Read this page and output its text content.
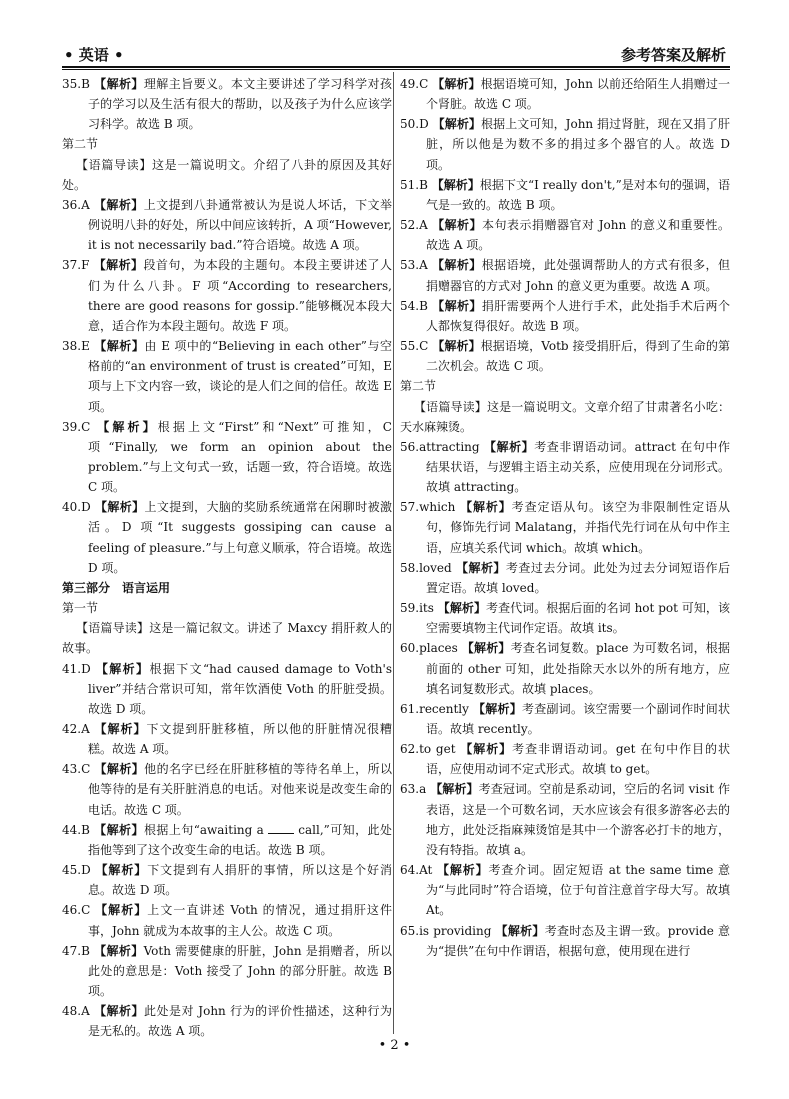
• 英语 •	参考答案及解析
35.B 【解析】理解主旨要义。本文主要讲述了学习科学对孩子的学习以及生活有很大的帮助，以及孩子为什么应该学习科学。故选 B 项。
第二节
【语篇导读】这是一篇说明文。介绍了八卦的原因及其好处。
36.A 【解析】上文提到八卦通常被认为是说人坏话，下文举例说明八卦的好处，所以中间应该转折，A 项“However, it is not necessarily bad.”符合语境。故选 A 项。
37.F 【解析】段首句，为本段的主题句。本段主要讲述了人们为什么八卦。F 项“According to researchers, there are good reasons for gossip.”能够概况本段大意，适合作为本段主题句。故选 F 项。
38.E 【解析】由 E 项中的“Believing in each other”与空格前的“an environment of trust is created”可知，E 项与上下文内容一致，谈论的是人们之间的信任。故选 E 项。
39.C 【解析】根据上文“First”和“Next”可推知，C 项“Finally, we form an opinion about the problem.”与上文句式一致，话题一致，符合语境。故选 C 项。
40.D 【解析】上文提到，大脑的奖励系统通常在闲聊时被激活。D 项“It suggests gossiping can cause a feeling of pleasure.”与上句意义顺承，符合语境。故选 D 项。
第三部分　语言运用
第一节
【语篇导读】这是一篇记叙文。讲述了 Maxcy 捐肝救人的故事。
41.D 【解析】根据下文“had caused damage to Voth's liver”并结合常识可知，常年饮酒使 Voth 的肝脏受损。故选 D 项。
42.A 【解析】下文提到肝脏移植，所以他的肝脏情况很糟糕。故选 A 项。
43.C 【解析】他的名字已经在肝脏移植的等待名单上，所以他等待的是有关肝脏消息的电话。对他来说是改变生命的电话。故选 C 项。
44.B 【解析】根据上句“awaiting a	call,”可知，此处指他等到了这个改变生命的电话。故选 B 项。
45.D 【解析】下文提到有人捐肝的事情，所以这是个好消息。故选 D 项。
46.C 【解析】上文一直讲述 Voth 的情况，通过捐肝这件事，John 就成为本故事的主人公。故选 C 项。
47.B 【解析】Voth 需要健康的肝脏，John 是捐赠者，所以此处的意思是：Voth 接受了 John 的部分肝脏。故选 B 项。
48.A 【解析】此处是对 John 行为的评价性描述，这种行为是无私的。故选 A 项。
49.C 【解析】根据语境可知，John 以前还给陌生人捐赠过一个肾脏。故选 C 项。
50.D 【解析】根据上文可知，John 捐过肾脏，现在又捐了肝脏，所以他是为数不多的捐过多个器官的人。故选 D 项。
51.B 【解析】根据下文“I really don't,”是对本句的强调，语气是一致的。故选 B 项。
52.A 【解析】本句表示捐赠器官对 John 的意义和重要性。故选 A 项。
53.A 【解析】根据语境，此处强调帮助人的方式有很多，但捐赠器官的方式对 John 的意义更为重要。故选 A 项。
54.B 【解析】捐肝需要两个人进行手术，此处指手术后两个人都恢复得很好。故选 B 项。
55.C 【解析】根据语境，Votb 接受捐肝后，得到了生命的第二次机会。故选 C 项。
第二节
【语篇导读】这是一篇说明文。文章介绍了甘肃著名小吃：天水麻辣烫。
56.attracting 【解析】考查非谓语动词。attract 在句中作结果状语，与逻辑主语主动关系，应使用现在分词形式。故填 attracting。
57.which 【解析】考查定语从句。该空为非限制性定语从句，修饰先行词 Malatang，并指代先行词在从句中作主语，应填关系代词 which。故填 which。
58.loved 【解析】考查过去分词。此处为过去分词短语作后置定语。故填 loved。
59.its 【解析】考查代词。根据后面的名词 hot pot 可知，该空需要填物主代词作定语。故填 its。
60.places 【解析】考查名词复数。place 为可数名词，根据前面的 other 可知，此处指除天水以外的所有地方，应填名词复数形式。故填 places。
61.recently 【解析】考查副词。该空需要一个副词作时间状语。故填 recently。
62.to get 【解析】考查非谓语动词。get 在句中作目的状语，应使用动词不定式形式。故填 to get。
63.a 【解析】考查冠词。空前是系动词，空后的名词 visit 作表语，这是一个可数名词，天水应该会有很多游客必去的地方，此处泛指麻辣烫馆是其中一个游客必打卡的地方，没有特指。故填 a。
64.At 【解析】考查介词。固定短语 at the same time 意为“与此同时”符合语境，位于句首注意首字母大写。故填 At。
65.is providing 【解析】考查时态及主谓一致。provide 意为“提供”在句中作谓语，根据句意，使用现在进行
• 2 •
